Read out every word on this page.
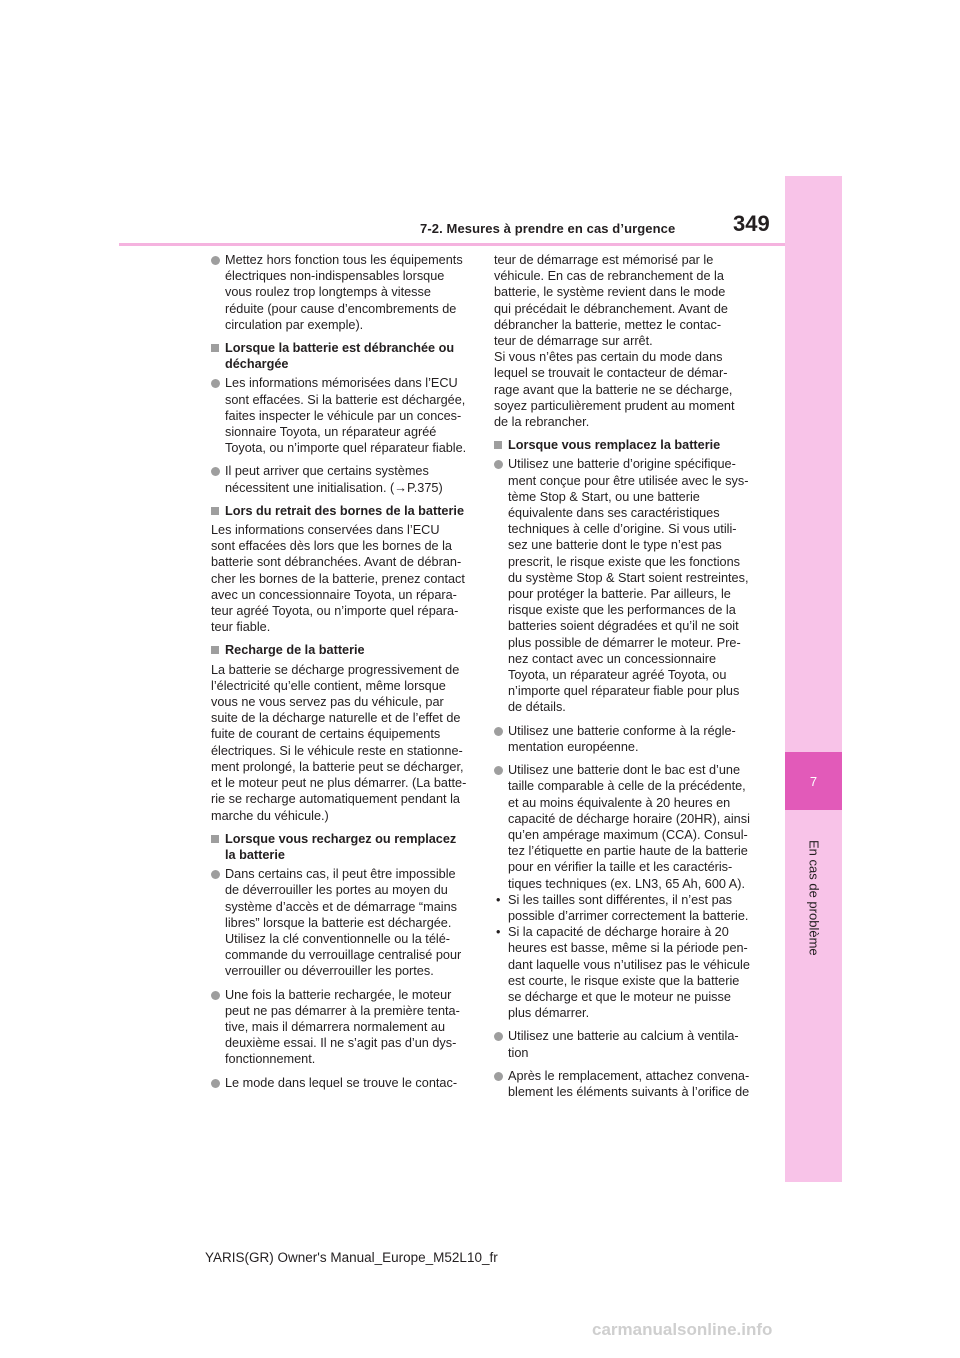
7
En cas de problème
7-2. Mesures à prendre en cas d’urgence	349
Mettez hors fonction tous les équipements
électriques non-indispensables lorsque
vous roulez trop longtemps à vitesse
réduite (pour cause d’encombrements de
circulation par exemple).
Lorsque la batterie est débranchée ou
déchargée
Les informations mémorisées dans l’ECU
sont effacées. Si la batterie est déchargée,
faites inspecter le véhicule par un conces-
sionnaire Toyota, un réparateur agréé
Toyota, ou n’importe quel réparateur fiable.
Il peut arriver que certains systèmes
nécessitent une initialisation. (→P.375)
Lors du retrait des bornes de la batterie
Les informations conservées dans l’ECU
sont effacées dès lors que les bornes de la
batterie sont débranchées. Avant de débran-
cher les bornes de la batterie, prenez contact
avec un concessionnaire Toyota, un répara-
teur agréé Toyota, ou n’importe quel répara-
teur fiable.
Recharge de la batterie
La batterie se décharge progressivement de
l’électricité qu’elle contient, même lorsque
vous ne vous servez pas du véhicule, par
suite de la décharge naturelle et de l’effet de
fuite de courant de certains équipements
électriques. Si le véhicule reste en stationne-
ment prolongé, la batterie peut se décharger,
et le moteur peut ne plus démarrer. (La batte-
rie se recharge automatiquement pendant la
marche du véhicule.)
Lorsque vous rechargez ou remplacez
la batterie
Dans certains cas, il peut être impossible
de déverrouiller les portes au moyen du
système d’accès et de démarrage “mains
libres” lorsque la batterie est déchargée.
Utilisez la clé conventionnelle ou la télé-
commande du verrouillage centralisé pour
verrouiller ou déverrouiller les portes.
Une fois la batterie rechargée, le moteur
peut ne pas démarrer à la première tenta-
tive, mais il démarrera normalement au
deuxième essai. Il ne s’agit pas d’un dys-
fonctionnement.
Le mode dans lequel se trouve le contac-
teur de démarrage est mémorisé par le
véhicule. En cas de rebranchement de la
batterie, le système revient dans le mode
qui précédait le débranchement. Avant de
débrancher la batterie, mettez le contac-
teur de démarrage sur arrêt.
Si vous n’êtes pas certain du mode dans
lequel se trouvait le contacteur de démar-
rage avant que la batterie ne se décharge,
soyez particulièrement prudent au moment
de la rebrancher.
Lorsque vous remplacez la batterie
Utilisez une batterie d’origine spécifique-
ment conçue pour être utilisée avec le sys-
tème Stop & Start, ou une batterie
équivalente dans ses caractéristiques
techniques à celle d’origine. Si vous utili-
sez une batterie dont le type n’est pas
prescrit, le risque existe que les fonctions
du système Stop & Start soient restreintes,
pour protéger la batterie. Par ailleurs, le
risque existe que les performances de la
batteries soient dégradées et qu’il ne soit
plus possible de démarrer le moteur. Pre-
nez contact avec un concessionnaire
Toyota, un réparateur agréé Toyota, ou
n’importe quel réparateur fiable pour plus
de détails.
Utilisez une batterie conforme à la régle-
mentation européenne.
Utilisez une batterie dont le bac est d’une
taille comparable à celle de la précédente,
et au moins équivalente à 20 heures en
capacité de décharge horaire (20HR), ainsi
qu’en ampérage maximum (CCA). Consul-
tez l’étiquette en partie haute de la batterie
pour en vérifier la taille et les caractéris-
tiques techniques (ex. LN3, 65 Ah, 600 A).
• Si les tailles sont différentes, il n’est pas
possible d’arrimer correctement la batterie.
• Si la capacité de décharge horaire à 20
heures est basse, même si la période pen-
dant laquelle vous n’utilisez pas le véhicule
est courte, le risque existe que la batterie
se décharge et que le moteur ne puisse
plus démarrer.
Utilisez une batterie au calcium à ventila-
tion
Après le remplacement, attachez convena-
blement les éléments suivants à l’orifice de
YARIS(GR) Owner's Manual_Europe_M52L10_fr
carmanualsonline.info
